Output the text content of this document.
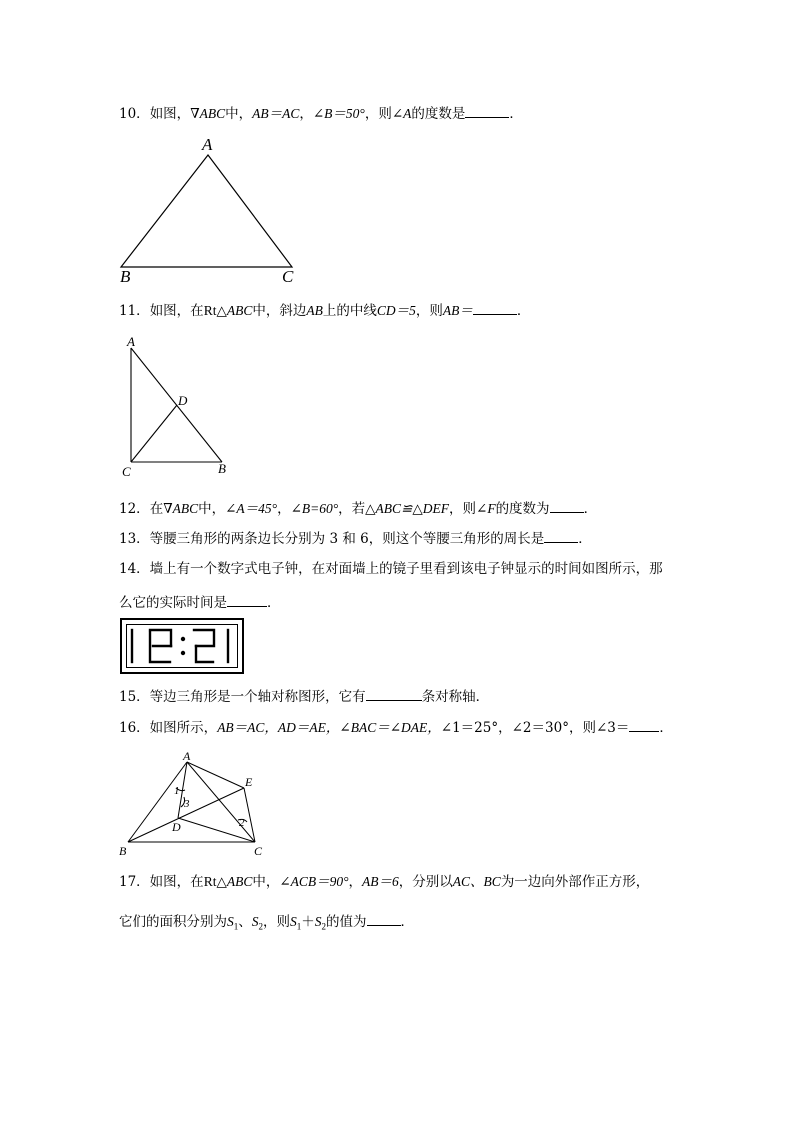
10．如图，∇ABC中，AB＝AC，∠B＝50°，则∠A的度数是	．
A
B	C
11．如图，在Rt△ABC中，斜边AB上的中线CD＝5，则AB＝	．
A
D
C	B
12．在∇ABC中，∠A＝45°，∠B=60°，若△ABC≌△DEF，则∠F的度数为	．
13．等腰三角形的两条边长分别为 3 和 6，则这个等腰三角形的周长是	．
14．墙上有一个数字式电子钟，在对面墙上的镜子里看到该电子钟显示的时间如图所示，那
么它的实际时间是	．
15．等边三角形是一个轴对称图形，它有	条对称轴．
16．如图所示，AB＝AC，AD＝AE，∠BAC＝∠DAE，∠1＝25°，∠2＝30°，则∠3＝ ．
A
E
D
B	C
1
3
2
17．如图，在Rt△ABC中，∠ACB＝90°，AB＝6，分别以AC、BC为一边向外部作正方形，
它们的面积分别为$S_1$、$S_2$，则$S_1+S_2$的值为	．
